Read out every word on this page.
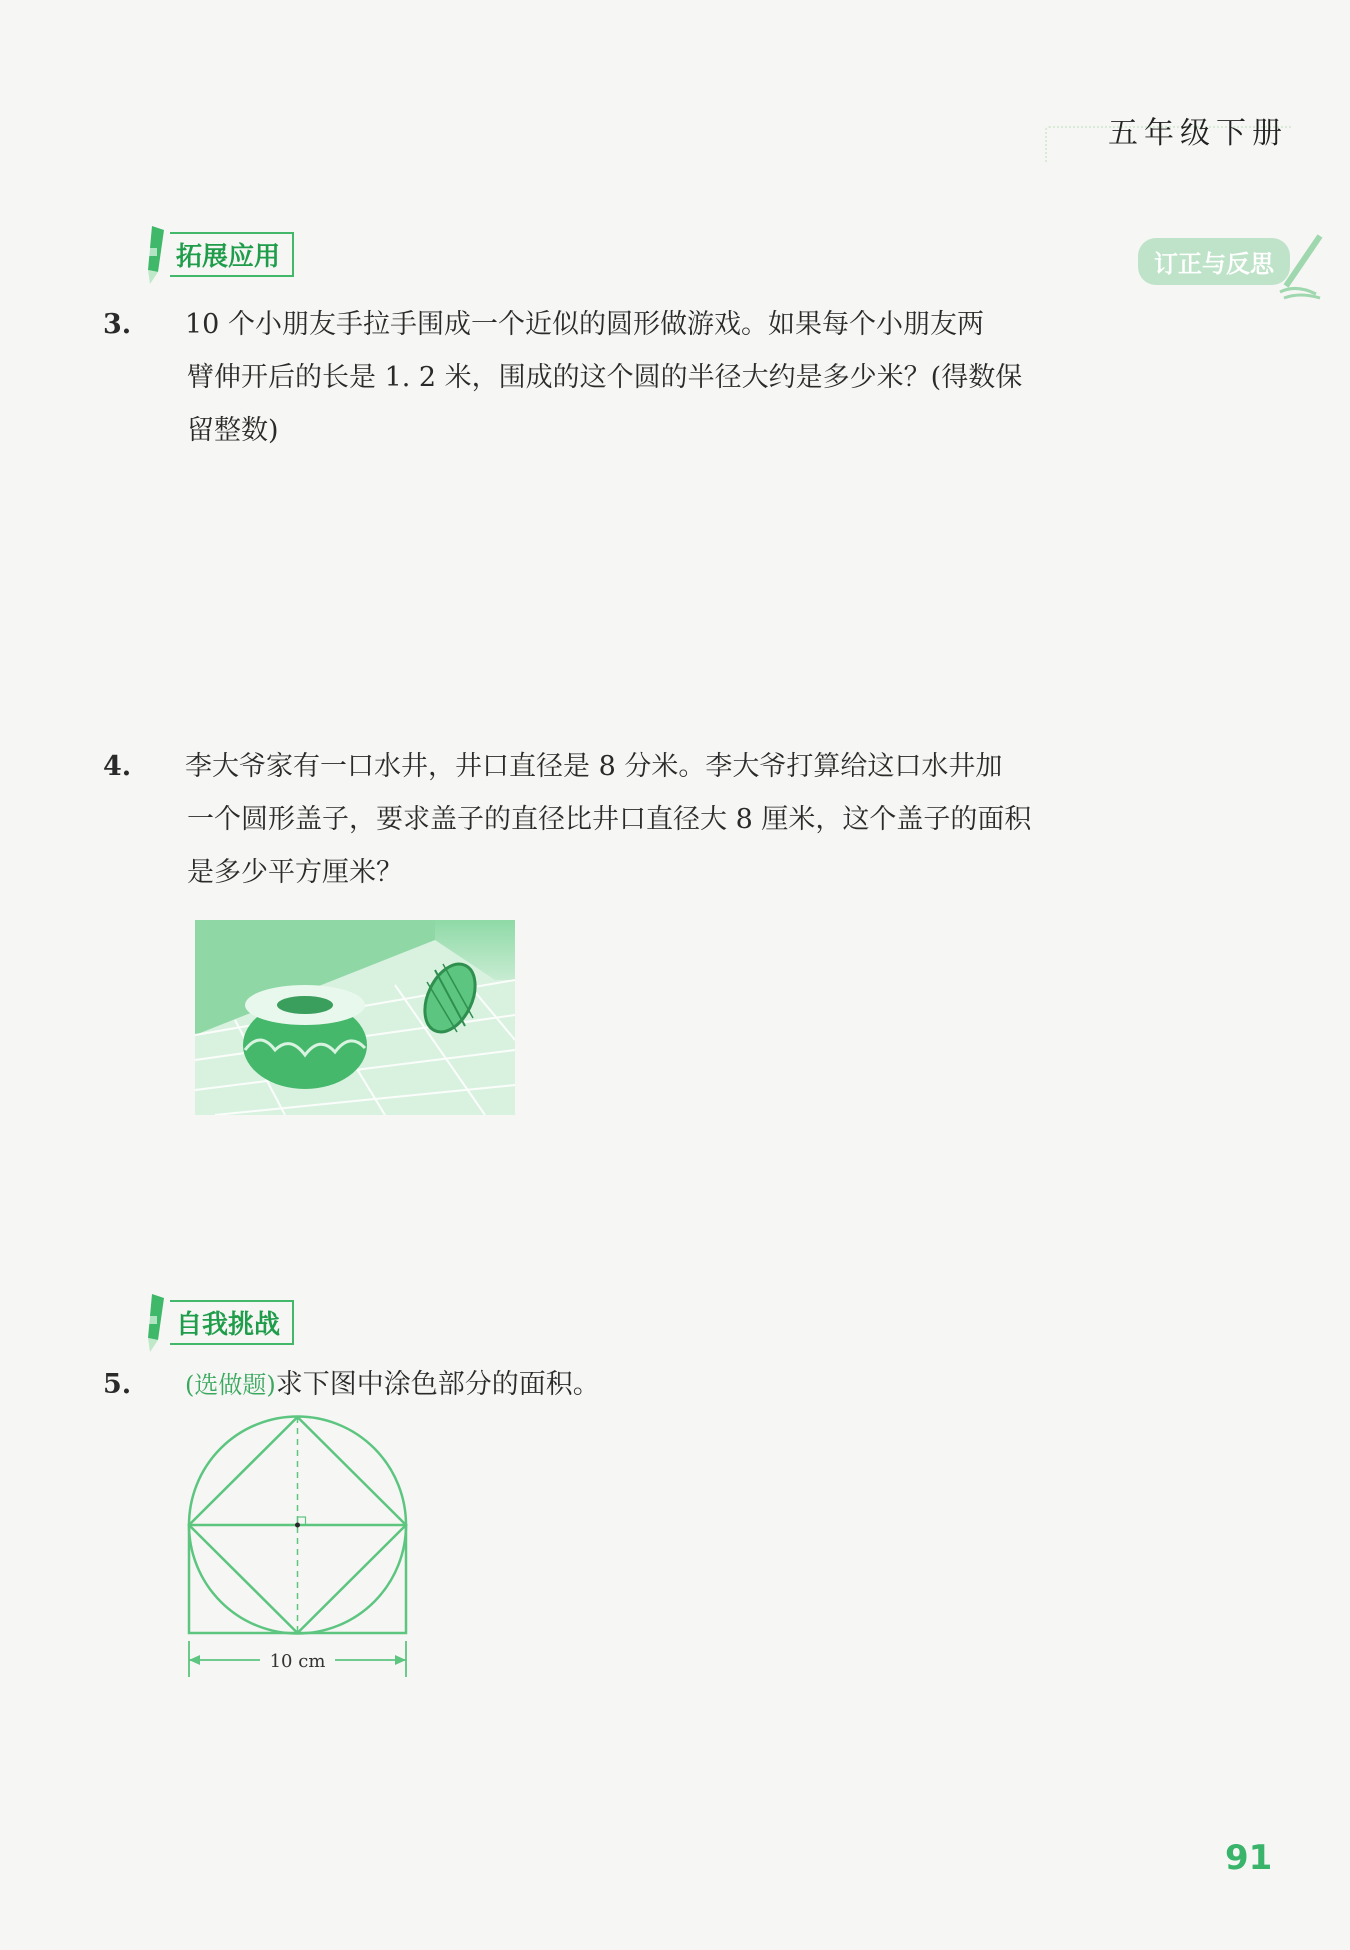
五年级下册
拓展应用	订正与反思
3. 10 个小朋友手拉手围成一个近似的圆形做游戏。如果每个小朋友两
臂伸开后的长是 1. 2 米，围成的这个圆的半径大约是多少米？(得数保
留整数)
4. 李大爷家有一口水井，井口直径是 8 分米。李大爷打算给这口水井加
一个圆形盖子，要求盖子的直径比井口直径大 8 厘米，这个盖子的面积
是多少平方厘米？
自我挑战
5. (选做题)求下图中涂色部分的面积。
10 cm
91
